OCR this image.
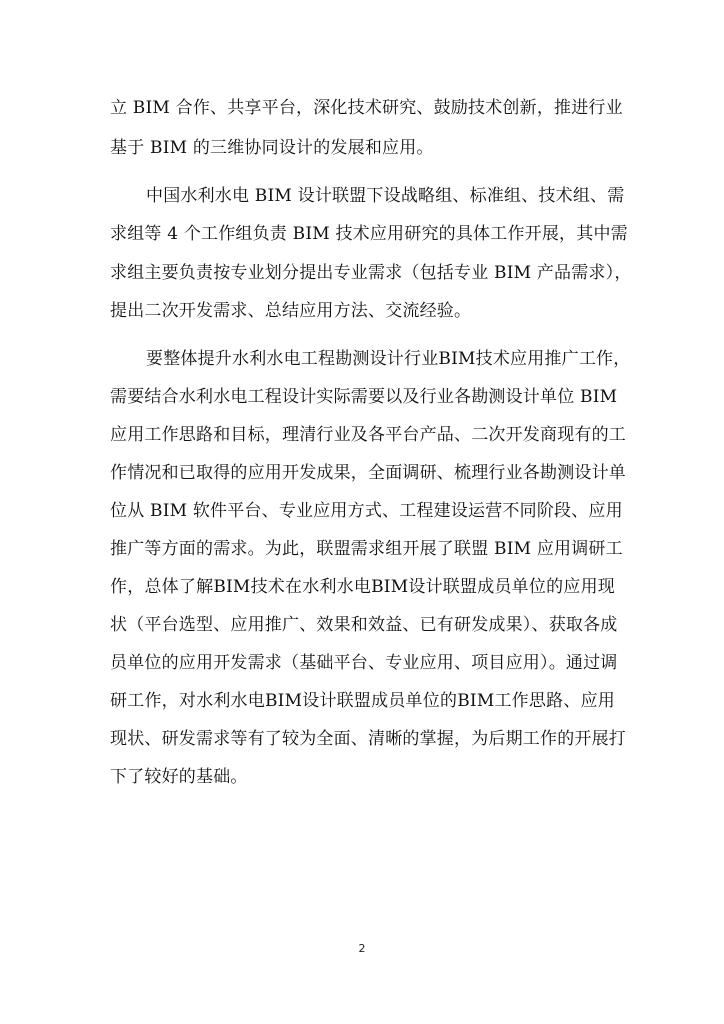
立 BIM 合作、共享平台，深化技术研究、鼓励技术创新，推进行业
基于 BIM 的三维协同设计的发展和应用。
中国水利水电 BIM 设计联盟下设战略组、标准组、技术组、需
求组等 4 个工作组负责 BIM 技术应用研究的具体工作开展，其中需
求组主要负责按专业划分提出专业需求（包括专业 BIM 产品需求），
提出二次开发需求、总结应用方法、交流经验。
要整体提升水利水电工程勘测设计行业BIM技术应用推广工作，
需要结合水利水电工程设计实际需要以及行业各勘测设计单位 BIM
应用工作思路和目标，理清行业及各平台产品、二次开发商现有的工
作情况和已取得的应用开发成果，全面调研、梳理行业各勘测设计单
位从 BIM 软件平台、专业应用方式、工程建设运营不同阶段、应用
推广等方面的需求。为此，联盟需求组开展了联盟 BIM 应用调研工
作，总体了解BIM技术在水利水电BIM设计联盟成员单位的应用现
状（平台选型、应用推广、效果和效益、已有研发成果）、获取各成
员单位的应用开发需求（基础平台、专业应用、项目应用）。通过调
研工作，对水利水电BIM设计联盟成员单位的BIM工作思路、应用
现状、研发需求等有了较为全面、清晰的掌握，为后期工作的开展打
下了较好的基础。
2
